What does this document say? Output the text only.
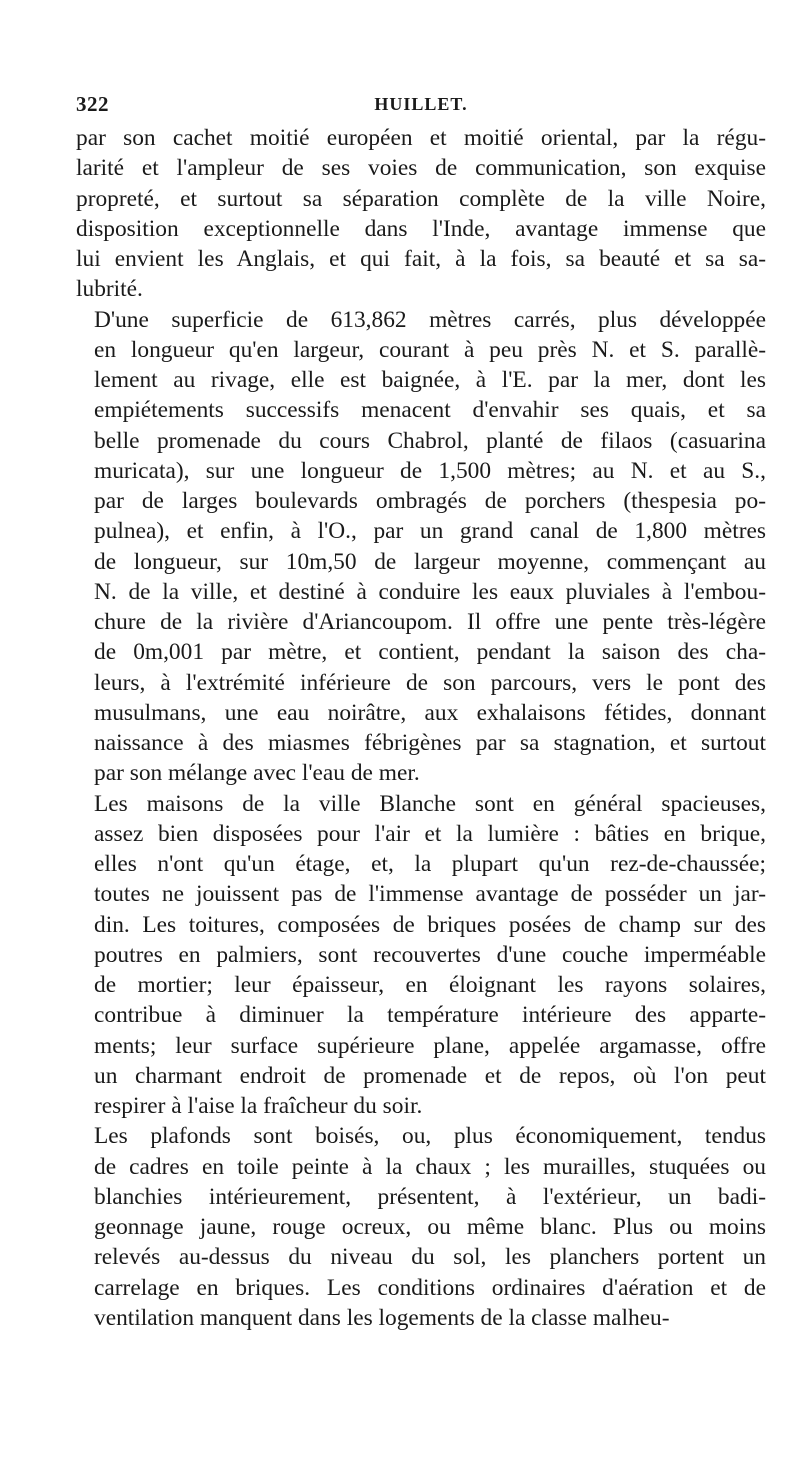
322	HUILLET.
par son cachet moitié européen et moitié oriental, par la régu-
larité et l'ampleur de ses voies de communication, son exquise
propreté, et surtout sa séparation complète de la ville Noire,
disposition exceptionnelle dans l'Inde, avantage immense que
lui envient les Anglais, et qui fait, à la fois, sa beauté et sa sa-
lubrité.
D'une superficie de 613,862 mètres carrés, plus développée
en longueur qu'en largeur, courant à peu près N. et S. parallè-
lement au rivage, elle est baignée, à l'E. par la mer, dont les
empiétements successifs menacent d'envahir ses quais, et sa
belle promenade du cours Chabrol, planté de filaos (casuarina
muricata), sur une longueur de 1,500 mètres; au N. et au S.,
par de larges boulevards ombragés de porchers (thespesia po-
pulnea), et enfin, à l'O., par un grand canal de 1,800 mètres
de longueur, sur 10m,50 de largeur moyenne, commençant au
N. de la ville, et destiné à conduire les eaux pluviales à l'embou-
chure de la rivière d'Ariancoupom. Il offre une pente très-légère
de 0m,001 par mètre, et contient, pendant la saison des cha-
leurs, à l'extrémité inférieure de son parcours, vers le pont des
musulmans, une eau noirâtre, aux exhalaisons fétides, donnant
naissance à des miasmes fébrigènes par sa stagnation, et surtout
par son mélange avec l'eau de mer.
Les maisons de la ville Blanche sont en général spacieuses,
assez bien disposées pour l'air et la lumière : bâties en brique,
elles n'ont qu'un étage, et, la plupart qu'un rez-de-chaussée;
toutes ne jouissent pas de l'immense avantage de posséder un jar-
din. Les toitures, composées de briques posées de champ sur des
poutres en palmiers, sont recouvertes d'une couche imperméable
de mortier; leur épaisseur, en éloignant les rayons solaires,
contribue à diminuer la température intérieure des apparte-
ments; leur surface supérieure plane, appelée argamasse, offre
un charmant endroit de promenade et de repos, où l'on peut
respirer à l'aise la fraîcheur du soir.
Les plafonds sont boisés, ou, plus économiquement, tendus
de cadres en toile peinte à la chaux ; les murailles, stuquées ou
blanchies intérieurement, présentent, à l'extérieur, un badi-
geonnage jaune, rouge ocreux, ou même blanc. Plus ou moins
relevés au-dessus du niveau du sol, les planchers portent un
carrelage en briques. Les conditions ordinaires d'aération et de
ventilation manquent dans les logements de la classe malheu-
